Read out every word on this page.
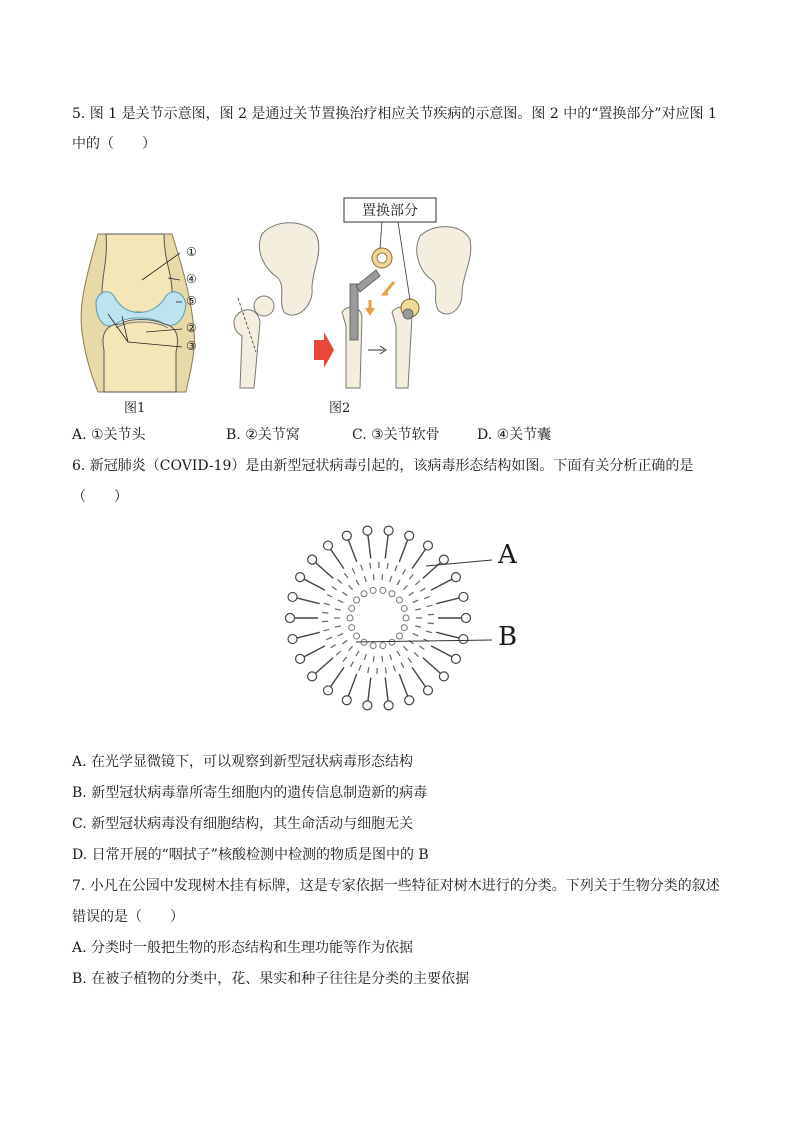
5. 图 1 是关节示意图，图 2 是通过关节置换治疗相应关节疾病的示意图。图 2 中的“置换部分”对应图 1
中的（　　）
①
④
⑤
②
③
图1
置换部分
图2
A. ①关节头	B. ②关节窝	C. ③关节软骨	D. ④关节囊
6. 新冠肺炎（COVID-19）是由新型冠状病毒引起的，该病毒形态结构如图。下面有关分析正确的是
（　　）
A
B
A. 在光学显微镜下，可以观察到新型冠状病毒形态结构
B. 新型冠状病毒靠所寄生细胞内的遗传信息制造新的病毒
C. 新型冠状病毒没有细胞结构，其生命活动与细胞无关
D. 日常开展的“咽拭子”核酸检测中检测的物质是图中的 B
7. 小凡在公园中发现树木挂有标牌，这是专家依据一些特征对树木进行的分类。下列关于生物分类的叙述
错误的是（　　）
A. 分类时一般把生物的形态结构和生理功能等作为依据
B. 在被子植物的分类中，花、果实和种子往往是分类的主要依据
